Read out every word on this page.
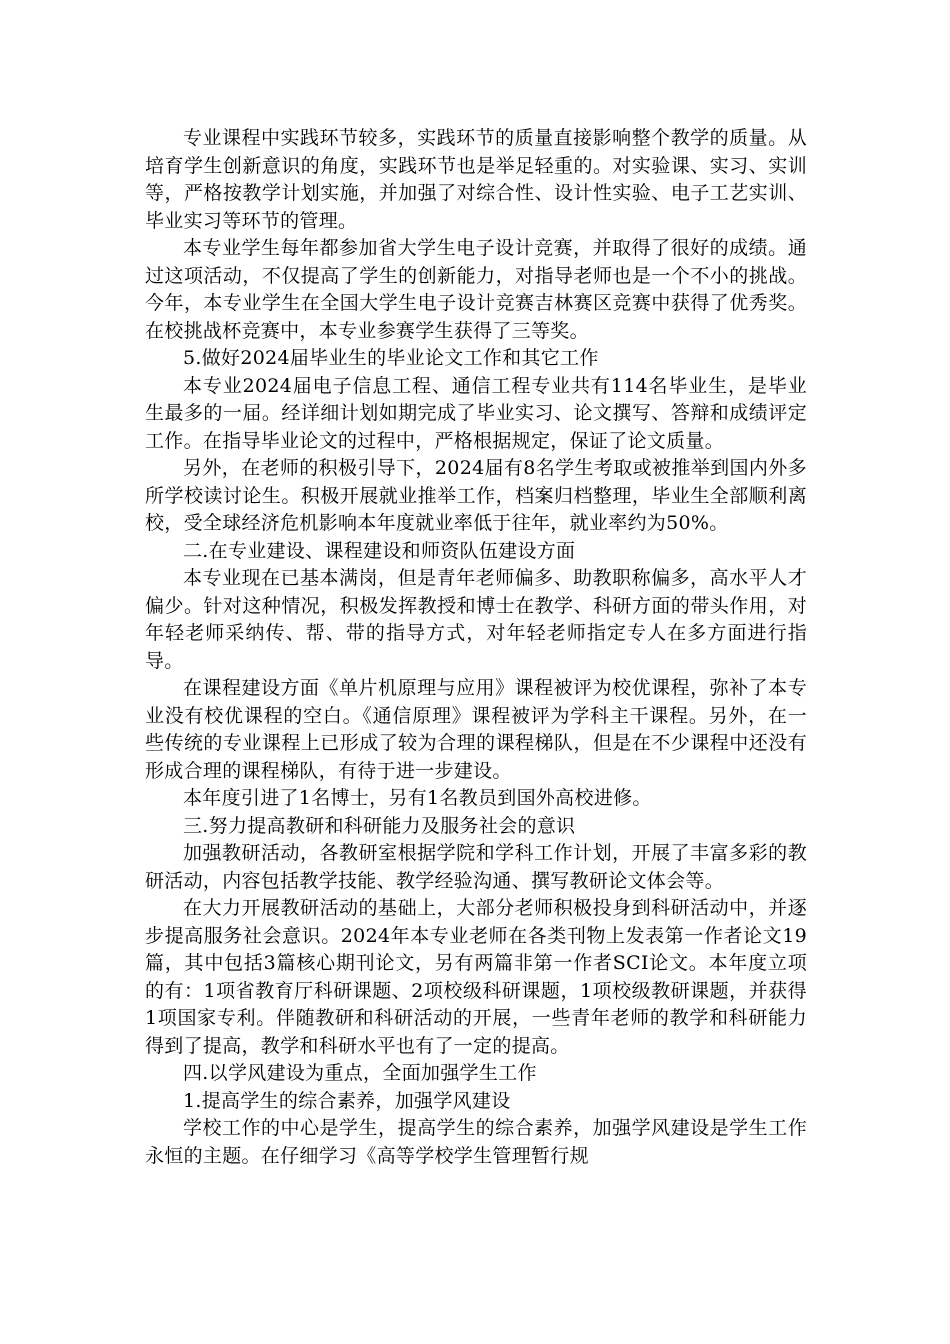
专业课程中实践环节较多，实践环节的质量直接影响整个教学的质量。从培育学生创新意识的角度，实践环节也是举足轻重的。对实验课、实习、实训等，严格按教学计划实施，并加强了对综合性、设计性实验、电子工艺实训、毕业实习等环节的管理。

本专业学生每年都参加省大学生电子设计竞赛，并取得了很好的成绩。通过这项活动，不仅提高了学生的创新能力，对指导老师也是一个不小的挑战。今年，本专业学生在全国大学生电子设计竞赛吉林赛区竞赛中获得了优秀奖。在校挑战杯竞赛中，本专业参赛学生获得了三等奖。

5.做好2024届毕业生的毕业论文工作和其它工作

本专业2024届电子信息工程、通信工程专业共有114名毕业生，是毕业生最多的一届。经详细计划如期完成了毕业实习、论文撰写、答辩和成绩评定工作。在指导毕业论文的过程中，严格根据规定，保证了论文质量。

另外，在老师的积极引导下，2024届有8名学生考取或被推举到国内外多所学校读讨论生。积极开展就业推举工作，档案归档整理，毕业生全部顺利离校，受全球经济危机影响本年度就业率低于往年，就业率约为50%。

二.在专业建设、课程建设和师资队伍建设方面

本专业现在已基本满岗，但是青年老师偏多、助教职称偏多，高水平人才偏少。针对这种情况，积极发挥教授和博士在教学、科研方面的带头作用，对年轻老师采纳传、帮、带的指导方式，对年轻老师指定专人在多方面进行指导。

在课程建设方面《单片机原理与应用》课程被评为校优课程，弥补了本专业没有校优课程的空白。《通信原理》课程被评为学科主干课程。另外，在一些传统的专业课程上已形成了较为合理的课程梯队，但是在不少课程中还没有形成合理的课程梯队，有待于进一步建设。

本年度引进了1名博士，另有1名教员到国外高校进修。

三.努力提高教研和科研能力及服务社会的意识

加强教研活动，各教研室根据学院和学科工作计划，开展了丰富多彩的教研活动，内容包括教学技能、教学经验沟通、撰写教研论文体会等。

在大力开展教研活动的基础上，大部分老师积极投身到科研活动中，并逐步提高服务社会意识。2024年本专业老师在各类刊物上发表第一作者论文19篇，其中包括3篇核心期刊论文，另有两篇非第一作者SCI论文。本年度立项的有：1项省教育厅科研课题、2项校级科研课题，1项校级教研课题，并获得1项国家专利。伴随教研和科研活动的开展，一些青年老师的教学和科研能力得到了提高，教学和科研水平也有了一定的提高。

四.以学风建设为重点，全面加强学生工作

1.提高学生的综合素养，加强学风建设

学校工作的中心是学生，提高学生的综合素养，加强学风建设是学生工作永恒的主题。在仔细学习《高等学校学生管理暂行规
